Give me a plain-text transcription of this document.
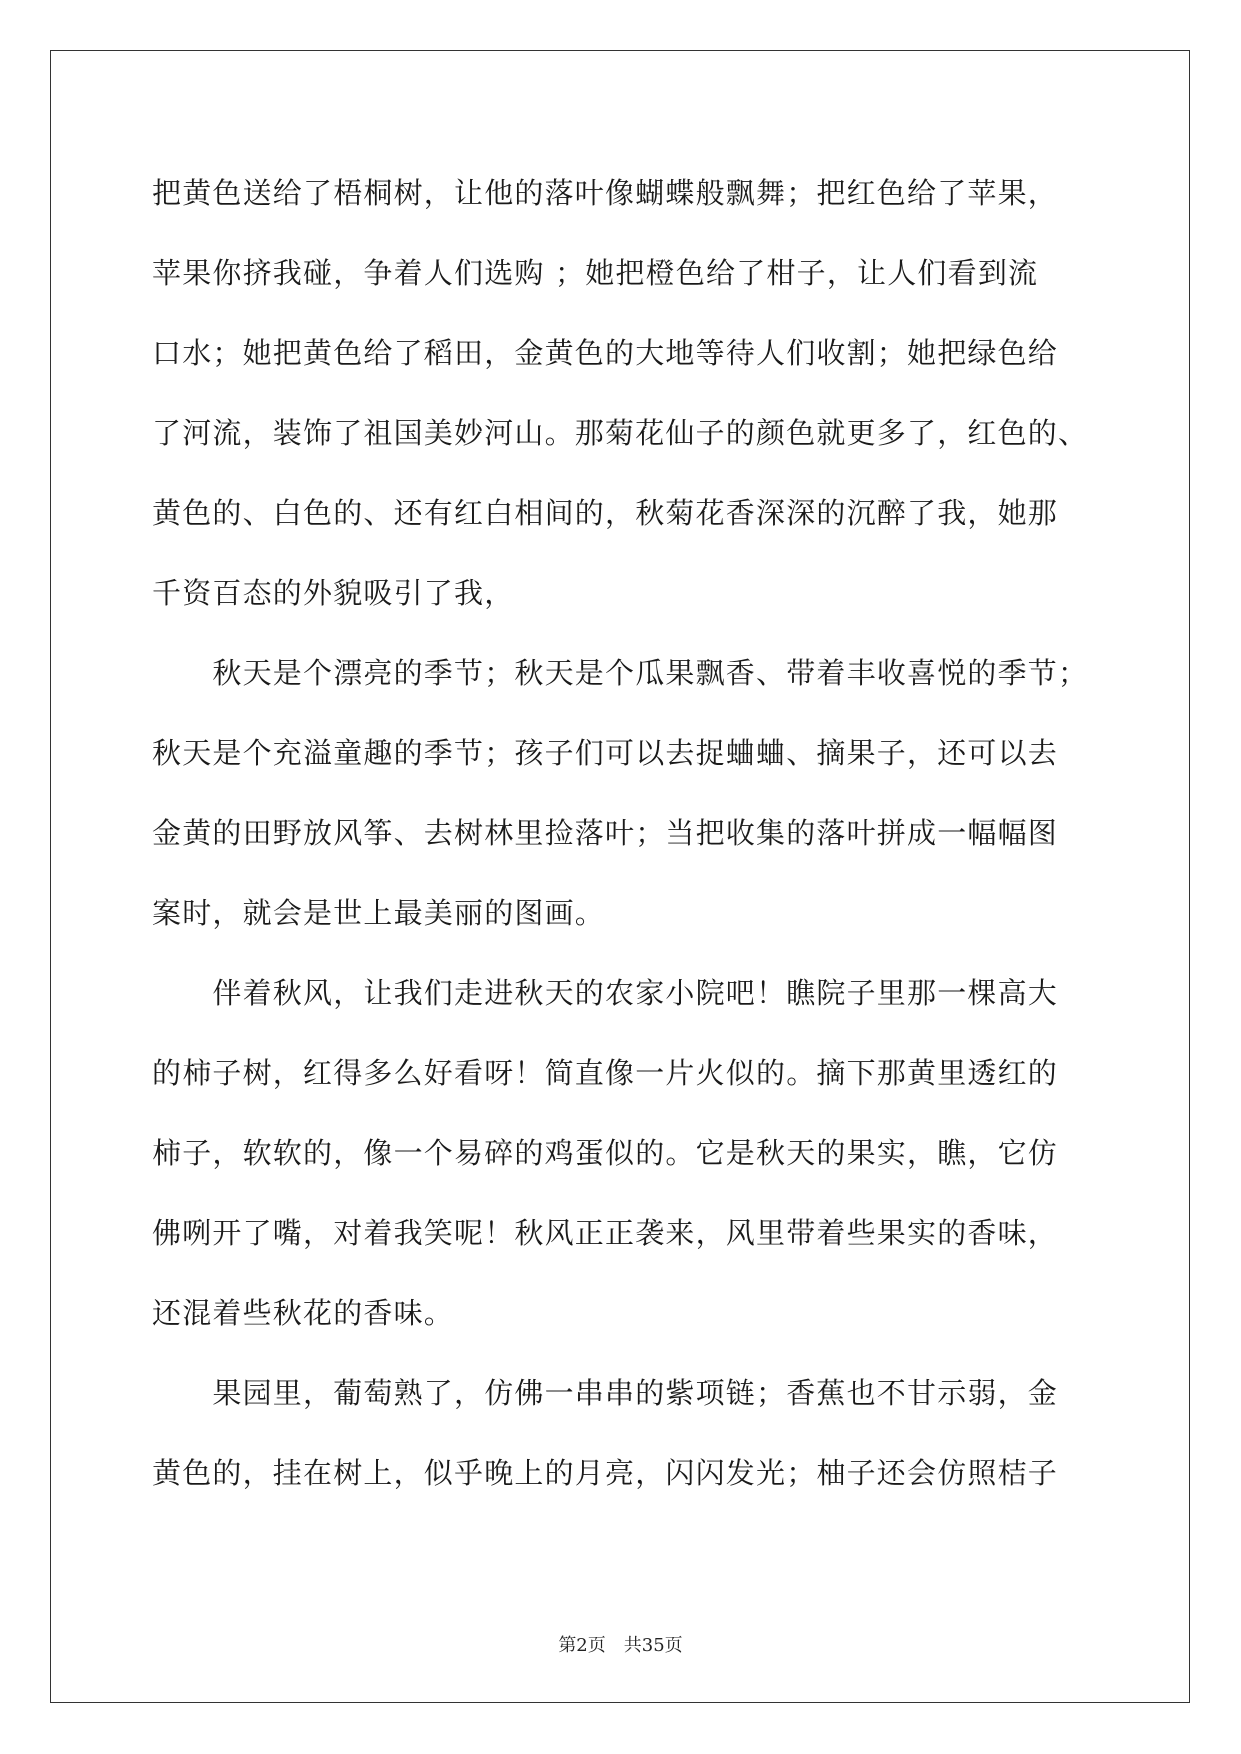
把黄色送给了梧桐树，让他的落叶像蝴蝶般飘舞；把红色给了苹果，
苹果你挤我碰，争着人们选购 ；她把橙色给了柑子，让人们看到流
口水；她把黄色给了稻田，金黄色的大地等待人们收割；她把绿色给
了河流，装饰了祖国美妙河山。那菊花仙子的颜色就更多了，红色的、
黄色的、白色的、还有红白相间的，秋菊花香深深的沉醉了我，她那
千资百态的外貌吸引了我，
　　秋天是个漂亮的季节；秋天是个瓜果飘香、带着丰收喜悦的季节；
秋天是个充溢童趣的季节；孩子们可以去捉蛐蛐、摘果子，还可以去
金黄的田野放风筝、去树林里捡落叶；当把收集的落叶拼成一幅幅图
案时，就会是世上最美丽的图画。
　　伴着秋风，让我们走进秋天的农家小院吧！瞧院子里那一棵高大
的柿子树，红得多么好看呀！简直像一片火似的。摘下那黄里透红的
柿子，软软的，像一个易碎的鸡蛋似的。它是秋天的果实，瞧，它仿
佛咧开了嘴，对着我笑呢！秋风正正袭来，风里带着些果实的香味，
还混着些秋花的香味。
　　果园里，葡萄熟了，仿佛一串串的紫项链；香蕉也不甘示弱，金
黄色的，挂在树上，似乎晚上的月亮，闪闪发光；柚子还会仿照桔子
第2页　共35页
